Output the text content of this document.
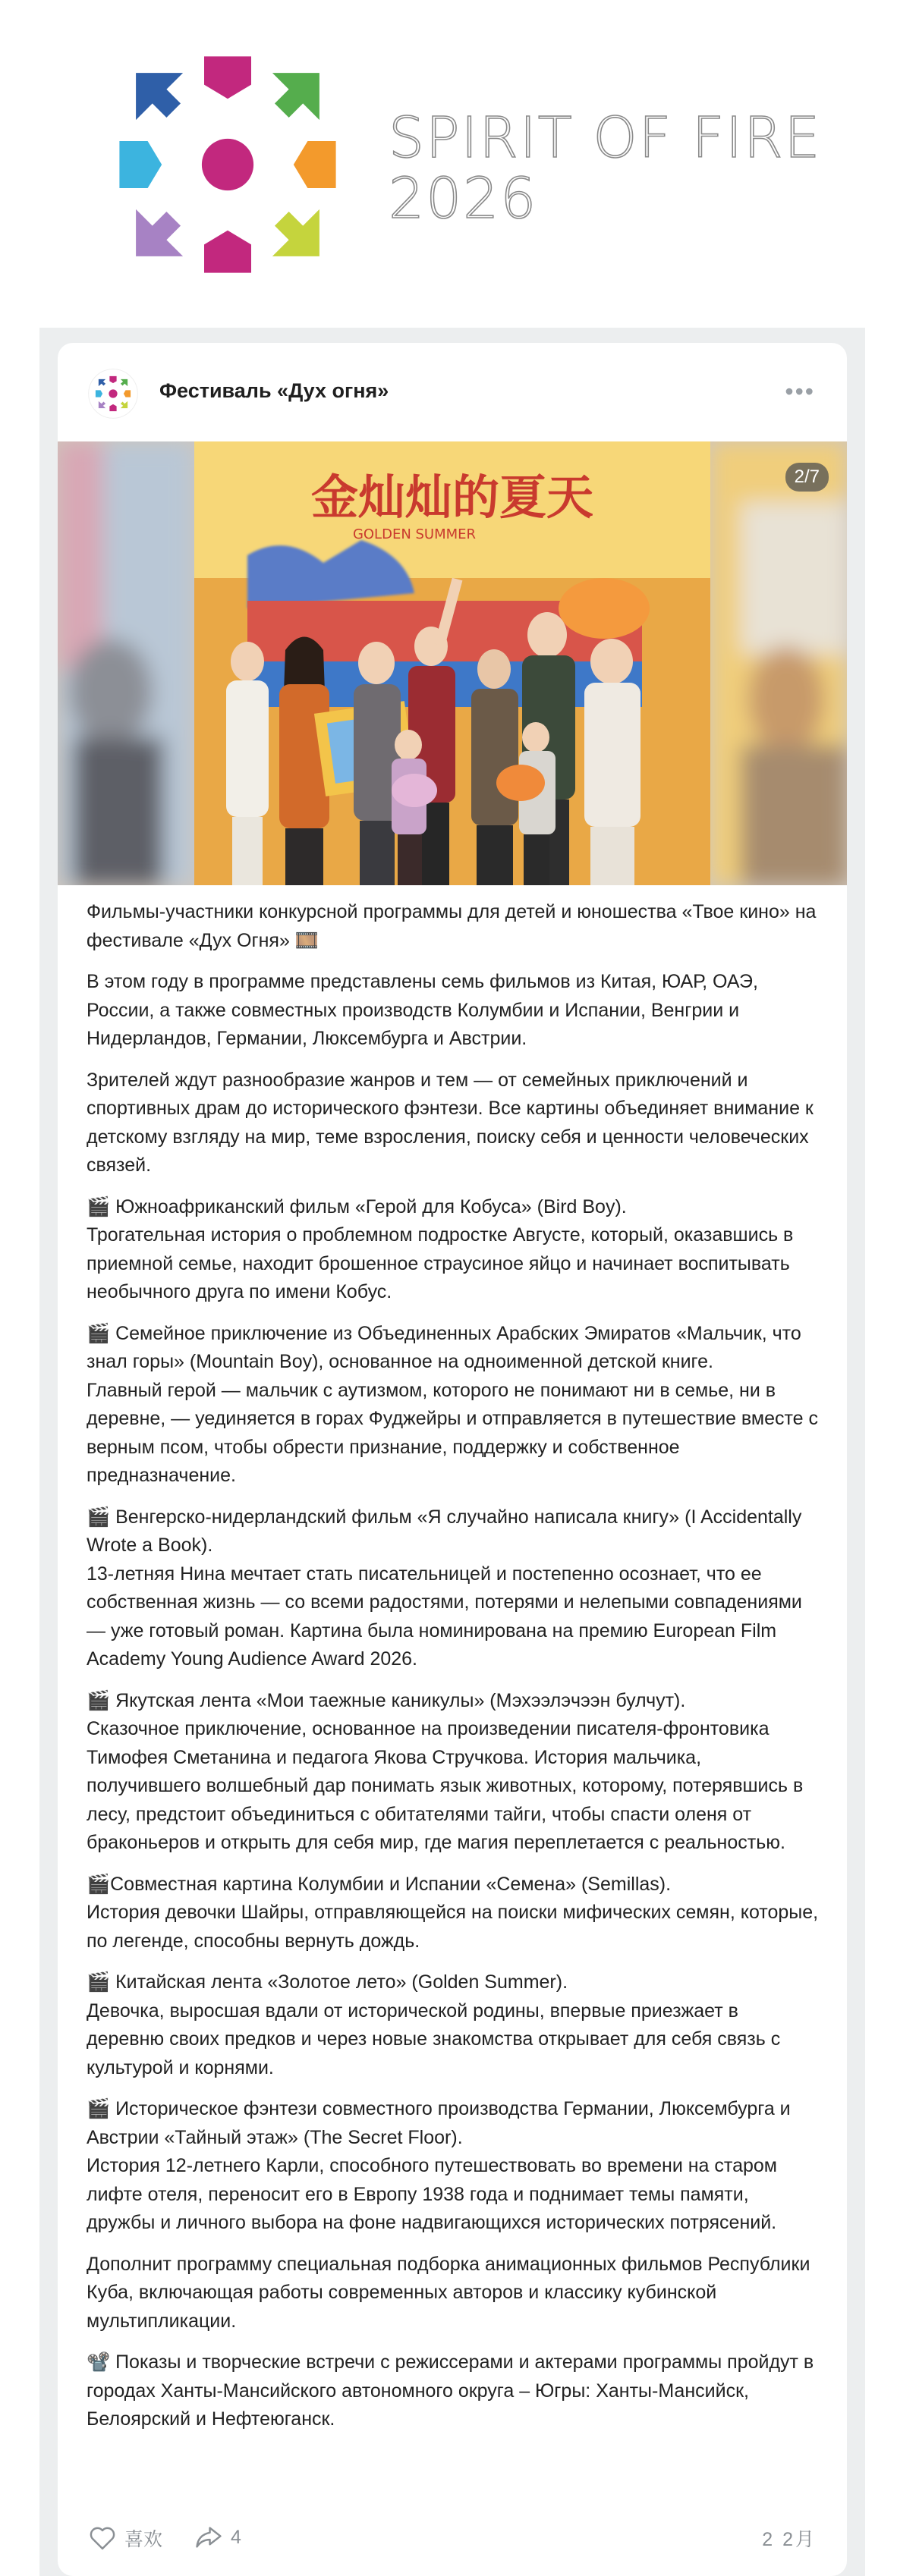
SPIRIT OF FIRE
2026
Фестиваль «Дух огня»	•••
金灿灿的夏天
GOLDEN SUMMER
2/7

Фильмы-участники конкурсной программы для детей и юношества «Твое кино» на фестивале «Дух Огня» 🎞️

В этом году в программе представлены семь фильмов из Китая, ЮАР, ОАЭ, России, а также совместных производств Колумбии и Испании, Венгрии и Нидерландов, Германии, Люксембурга и Австрии.

Зрителей ждут разнообразие жанров и тем — от семейных приключений и спортивных драм до исторического фэнтези. Все картины объединяет внимание к детскому взгляду на мир, теме взросления, поиску себя и ценности человеческих связей.

🎬 Южноафриканский фильм «Герой для Кобуса» (Bird Boy).
Трогательная история о проблемном подростке Августе, который, оказавшись в приемной семье, находит брошенное страусиное яйцо и начинает воспитывать необычного друга по имени Кобус.

🎬 Семейное приключение из Объединенных Арабских Эмиратов «Мальчик, что знал горы» (Mountain Boy), основанное на одноименной детской книге.
Главный герой — мальчик с аутизмом, которого не понимают ни в семье, ни в деревне, — уединяется в горах Фуджейры и отправляется в путешествие вместе с верным псом, чтобы обрести признание, поддержку и собственное предназначение.

🎬 Венгерско-нидерландский фильм «Я случайно написала книгу» (I Accidentally Wrote a Book).
13-летняя Нина мечтает стать писательницей и постепенно осознает, что ее собственная жизнь — со всеми радостями, потерями и нелепыми совпадениями — уже готовый роман. Картина была номинирована на премию European Film Academy Young Audience Award 2026.

🎬 Якутская лента «Мои таежные каникулы» (Мэхээлэчээн булчут).
Сказочное приключение, основанное на произведении писателя-фронтовика Тимофея Сметанина и педагога Якова Стручкова. История мальчика, получившего волшебный дар понимать язык животных, которому, потерявшись в лесу, предстоит объединиться с обитателями тайги, чтобы спасти оленя от браконьеров и открыть для себя мир, где магия переплетается с реальностью.

🎬Совместная картина Колумбии и Испании «Семена» (Semillas).
История девочки Шайры, отправляющейся на поиски мифических семян, которые, по легенде, способны вернуть дождь.

🎬 Китайская лента «Золотое лето» (Golden Summer).
Девочка, выросшая вдали от исторической родины, впервые приезжает в деревню своих предков и через новые знакомства открывает для себя связь с культурой и корнями.

🎬 Историческое фэнтези совместного производства Германии, Люксембурга и Австрии «Тайный этаж» (The Secret Floor).
История 12-летнего Карли, способного путешествовать во времени на старом лифте отеля, переносит его в Европу 1938 года и поднимает темы памяти, дружбы и личного выбора на фоне надвигающихся исторических потрясений.

Дополнит программу специальная подборка анимационных фильмов Республики Куба, включающая работы современных авторов и классику кубинской мультипликации.

📽️ Показы и творческие встречи с режиссерами и актерами программы пройдут в городах Ханты-Мансийского автономного округа – Югры: Ханты-Мансийск, Белоярский и Нефтеюганск.

喜欢	4	2 2月
